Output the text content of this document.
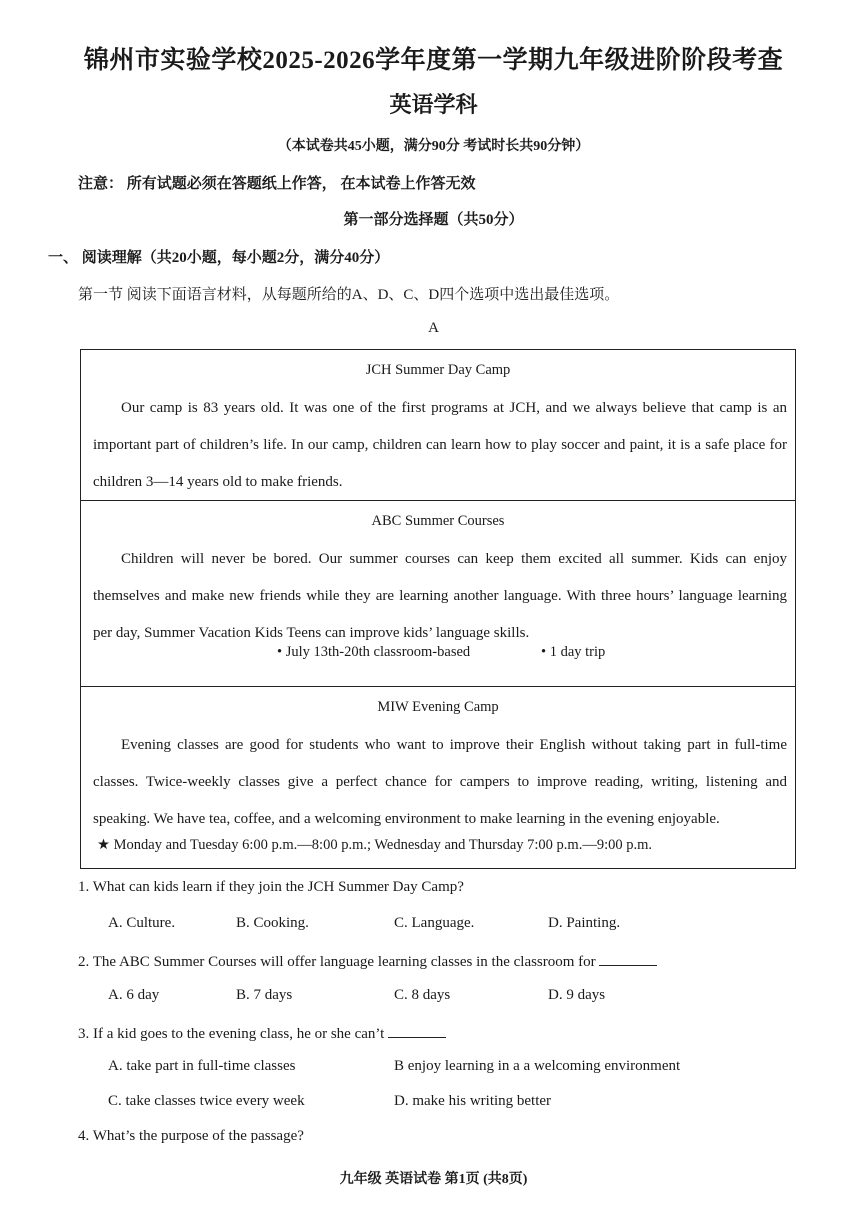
锦州市实验学校2025-2026学年度第一学期九年级进阶阶段考查
英语学科
（本试卷共45小题，满分90分 考试时长共90分钟）
注意： 所有试题必须在答题纸上作答， 在本试卷上作答无效
第一部分选择题（共50分）
一、 阅读理解（共20小题，每小题2分，满分40分）
第一节 阅读下面语言材料，从每题所给的A、D、C、D四个选项中选出最佳选项。
A
JCH Summer Day Camp
Our camp is 83 years old. It was one of the first programs at JCH, and we always believe that camp is an important part of children’s life. In our camp, children can learn how to play soccer and paint, it is a safe place for children 3—14 years old to make friends.
ABC Summer Courses
Children will never be bored. Our summer courses can keep them excited all summer. Kids can enjoy themselves and make new friends while they are learning another language. With three hours’ language learning per day, Summer Vacation Kids Teens can improve kids’ language skills.
• July 13th-20th classroom-based	• 1 day trip
MIW Evening Camp
Evening classes are good for students who want to improve their English without taking part in full-time classes. Twice-weekly classes give a perfect chance for campers to improve reading, writing, listening and speaking. We have tea, coffee, and a welcoming environment to make learning in the evening enjoyable.
★ Monday and Tuesday 6:00 p.m.—8:00 p.m.; Wednesday and Thursday 7:00 p.m.—9:00 p.m.
1. What can kids learn if they join the JCH Summer Day Camp?
A. Culture.	B. Cooking.	C. Language.	D. Painting.
2. The ABC Summer Courses will offer language learning classes in the classroom for
A. 6 day	B. 7 days	C. 8 days	D. 9 days
3. If a kid goes to the evening class, he or she can’t
A. take part in full-time classes	B enjoy learning in a a welcoming environment
C. take classes twice every week	D. make his writing better
4. What’s the purpose of the passage?
九年级 英语试卷 第1页 (共8页)
